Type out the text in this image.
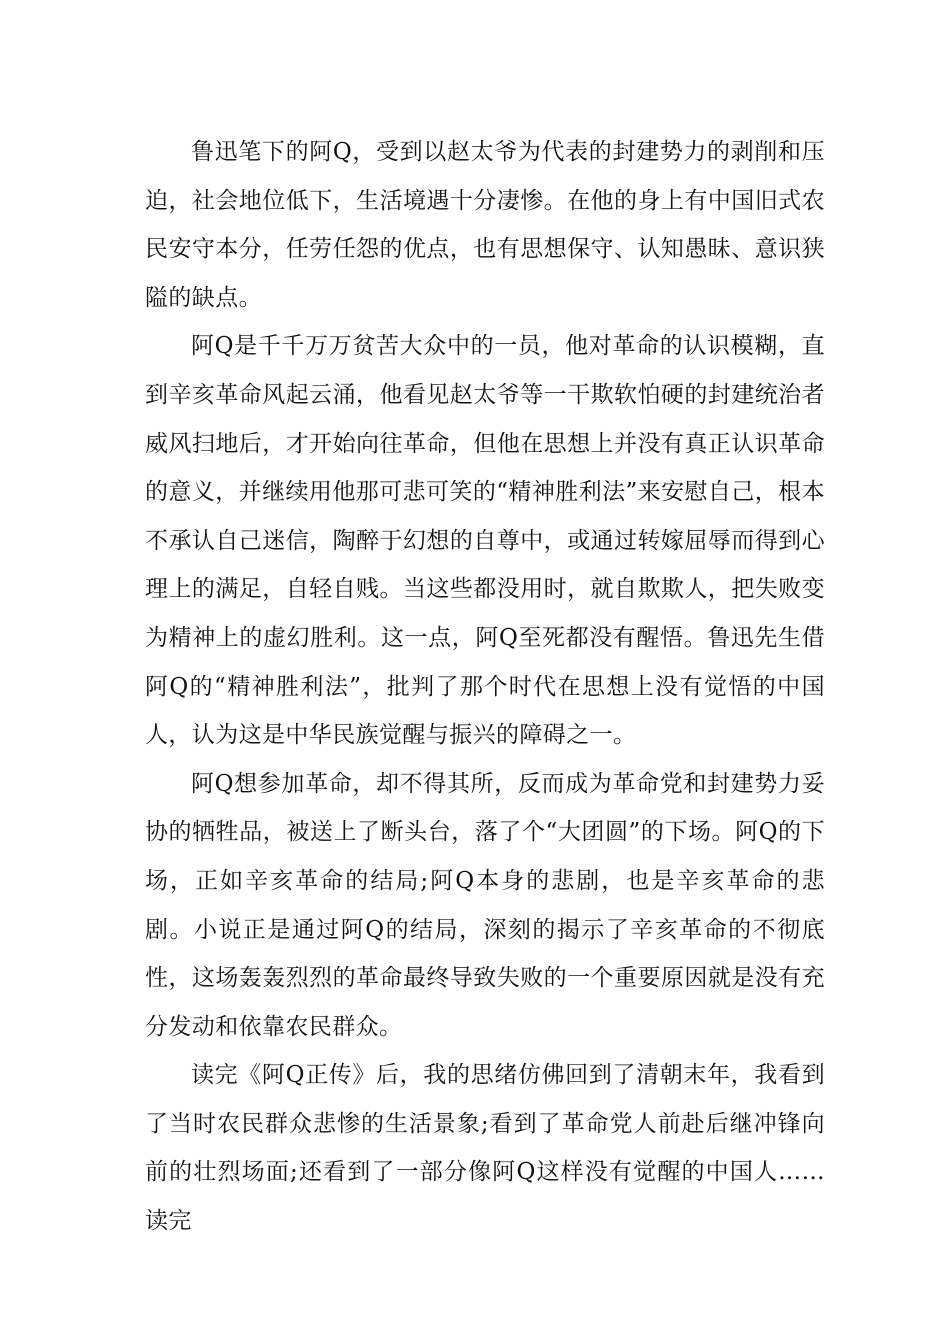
鲁迅笔下的阿Q，受到以赵太爷为代表的封建势力的剥削和压迫，社会地位低下，生活境遇十分凄惨。在他的身上有中国旧式农民安守本分，任劳任怨的优点，也有思想保守、认知愚昧、意识狭隘的缺点。

阿Q是千千万万贫苦大众中的一员，他对革命的认识模糊，直到辛亥革命风起云涌，他看见赵太爷等一干欺软怕硬的封建统治者威风扫地后，才开始向往革命，但他在思想上并没有真正认识革命的意义，并继续用他那可悲可笑的“精神胜利法”来安慰自己，根本不承认自己迷信，陶醉于幻想的自尊中，或通过转嫁屈辱而得到心理上的满足，自轻自贱。当这些都没用时，就自欺欺人，把失败变为精神上的虚幻胜利。这一点，阿Q至死都没有醒悟。鲁迅先生借阿Q的“精神胜利法”，批判了那个时代在思想上没有觉悟的中国人，认为这是中华民族觉醒与振兴的障碍之一。

阿Q想参加革命，却不得其所，反而成为革命党和封建势力妥协的牺牲品，被送上了断头台，落了个“大团圆”的下场。阿Q的下场，正如辛亥革命的结局;阿Q本身的悲剧，也是辛亥革命的悲剧。小说正是通过阿Q的结局，深刻的揭示了辛亥革命的不彻底性，这场轰轰烈烈的革命最终导致失败的一个重要原因就是没有充分发动和依靠农民群众。

读完《阿Q正传》后，我的思绪仿佛回到了清朝末年，我看到了当时农民群众悲惨的生活景象;看到了革命党人前赴后继冲锋向前的壮烈场面;还看到了一部分像阿Q这样没有觉醒的中国人……读完
